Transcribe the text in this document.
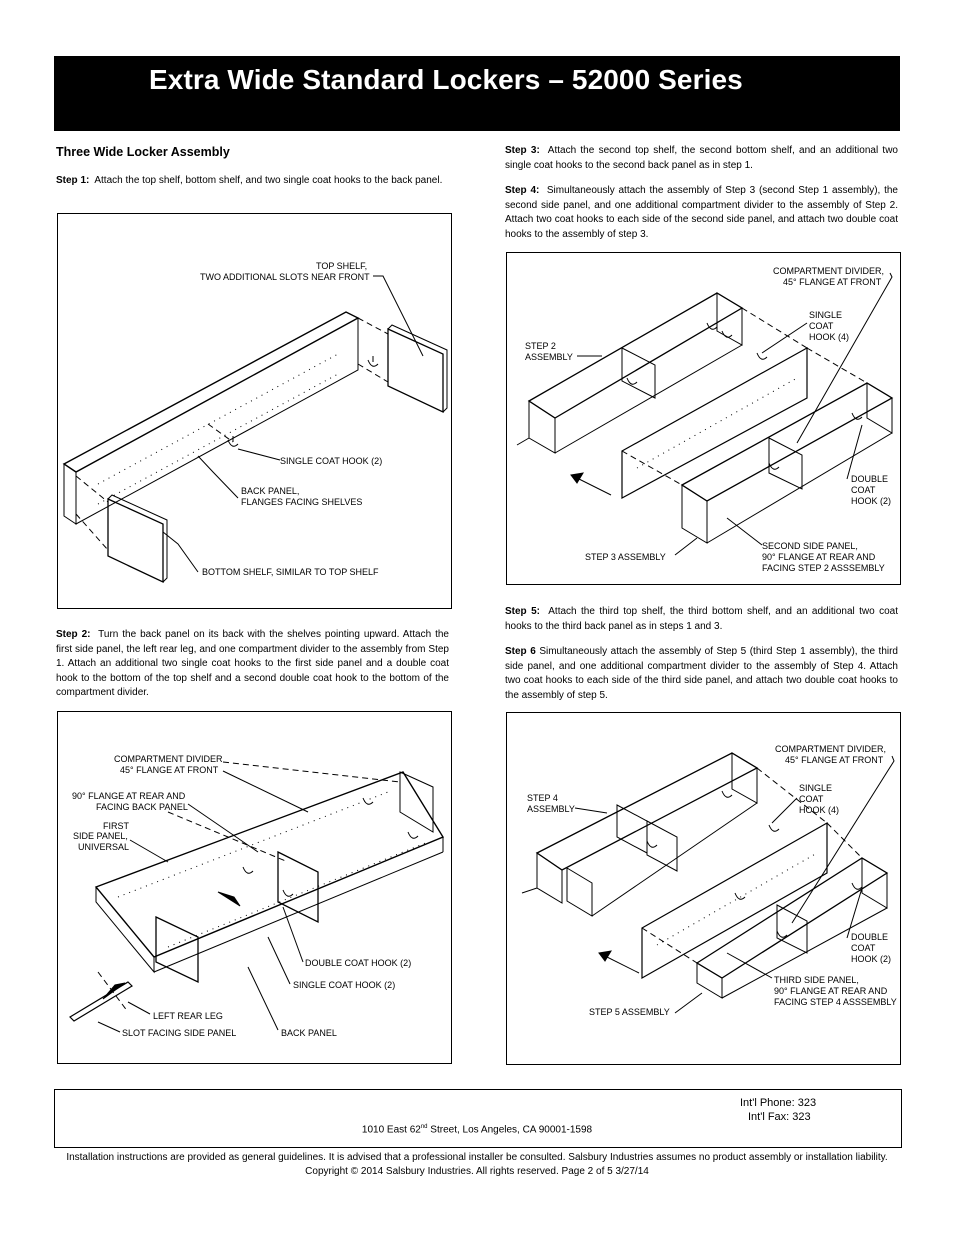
Extra Wide Standard Lockers – 52000 Series
Three Wide Locker Assembly

Step 1: Attach the top shelf, bottom shelf, and two single coat hooks to the back panel.

TOP SHELF,
TWO ADDITIONAL SLOTS NEAR FRONT
SINGLE COAT HOOK (2)
BACK PANEL,
FLANGES FACING SHELVES
BOTTOM SHELF, SIMILAR TO TOP SHELF

Step 2: Turn the back panel on its back with the shelves pointing upward. Attach the first side panel, the left rear leg, and one compartment divider to the assembly from Step 1. Attach an additional two single coat hooks to the first side panel and a double coat hook to the bottom of the top shelf and a second double coat hook to the bottom of the compartment divider.

COMPARTMENT DIVIDER
45° FLANGE AT FRONT
90° FLANGE AT REAR AND
FACING BACK PANEL
FIRST
SIDE PANEL,
UNIVERSAL
DOUBLE COAT HOOK (2)
SINGLE COAT HOOK (2)
LEFT REAR LEG
SLOT FACING SIDE PANEL	BACK PANEL

Step 3: Attach the second top shelf, the second bottom shelf, and an additional two single coat hooks to the second back panel as in step 1.

Step 4: Simultaneously attach the assembly of Step 3 (second Step 1 assembly), the second side panel, and one additional compartment divider to the assembly of Step 2. Attach two coat hooks to each side of the second side panel, and attach two double coat hooks to the assembly of step 3.

COMPARTMENT DIVIDER,
45° FLANGE AT FRONT
SINGLE
COAT
HOOK (4)
STEP 2
ASSEMBLY
DOUBLE
COAT
HOOK (2)
STEP 3 ASSEMBLY
SECOND SIDE PANEL,
90° FLANGE AT REAR AND
FACING STEP 2 ASSSEMBLY

Step 5: Attach the third top shelf, the third bottom shelf, and an additional two coat hooks to the third back panel as in steps 1 and 3.

Step 6 Simultaneously attach the assembly of Step 5 (third Step 1 assembly), the third side panel, and one additional compartment divider to the assembly of Step 4. Attach two coat hooks to each side of the third side panel, and attach two double coat hooks to the assembly of step 5.

COMPARTMENT DIVIDER,
45° FLANGE AT FRONT
SINGLE
COAT
HOOK (4)
STEP 4
ASSEMBLY
DOUBLE
COAT
HOOK (2)
THIRD SIDE PANEL,
90° FLANGE AT REAR AND
FACING STEP 4 ASSSEMBLY
STEP 5 ASSEMBLY
Int'l Phone: 323
Int'l Fax: 323
1010 East 62nd Street, Los Angeles, CA 90001-1598
Installation instructions are provided as general guidelines. It is advised that a professional installer be consulted. Salsbury Industries assumes no product assembly or installation liability.
Copyright © 2014 Salsbury Industries. All rights reserved. Page 2 of 5 3/27/14
